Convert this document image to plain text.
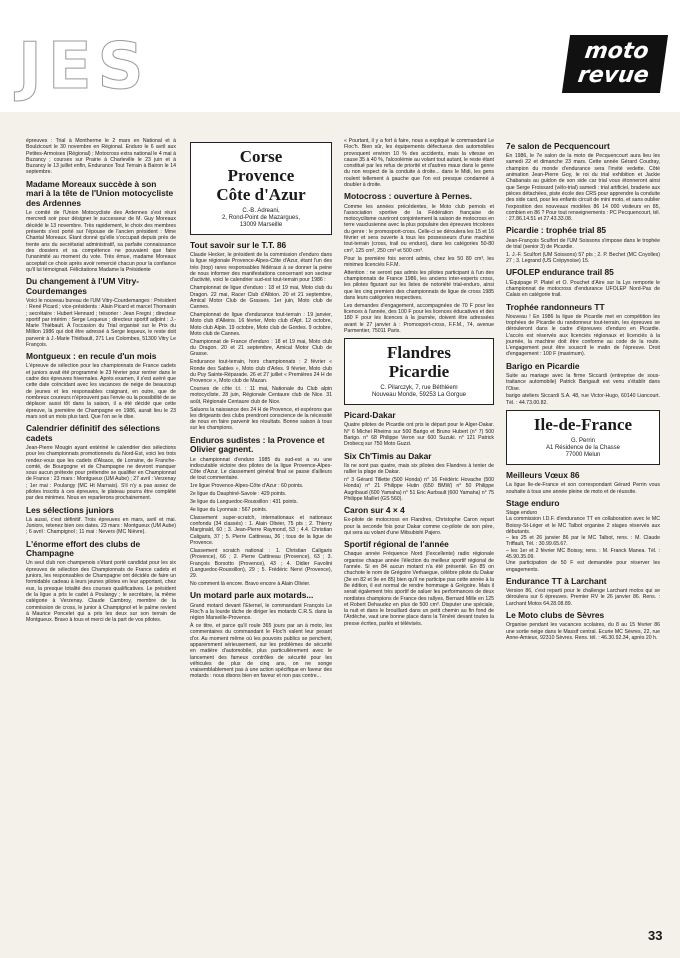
JES	moto
revue

épreuves : Trial à Montherme le 2 mars en National et à Boulzicourt le 30 novembre en Régional. Enduro le 6 avril aux Petites-Armoises (Régional) ; Motocross extra national le 4 mai à Buzancy ; courses sur Prairie à Charleville le 23 juin et à Buzancy le 13 juillet enfin, Endurance Tout Terrain à Bairon le 14 septembre.

Madame Moreaux succède à son mari à la tête de l'Union motocycliste des Ardennes

Le comité de l'Union Motocycliste des Ardennes s'est réuni mercredi soir pour désigner le successeur de M. Guy Moreaux décédé le 13 novembre. Très rapidement, le choix des membres présents s'est porté sur l'épouse de l'ancien président : Mme Chantal Moreaux. Étant donné qu'elle s'occupait depuis près de trente ans du secrétariat administratif, sa parfaite connaissance des dossiers et sa compétence ne pouvaient que faire l'unanimité au moment du vote. Très émue, madame Moreaux acceptait ce choix après avoir remercié chacun pour la confiance qu'il lui témoignait. Félicitations Madame la Présidente

Du changement à l'UM Vitry-Courdemanges

Voici le nouveau bureau de l'UM Vitry-Courdemanges : Président : René Picard ; vice-présidents : Alain Picard et marcel Thomasin ; secrétaire : Hubert Hennard ; trésorier : Jean Fregni ; directeur sportif par intérim : Serge Lequeux ; directeur sportif adjoint : J.-Marie Thiébault. À l'occasion du Trial organisé sur le Prix du Million 1986 qui doit être adressé à Serge lequeux, le reste doit parvenir à J.-Marie Thiébault, 271 Les Colombes, 51300 Vitry Le François.

Montgueux : en recule d'un mois

L'épreuve de sélection pour les championnats de France cadets et juniors avait été programmé le 23 février pour rentrer dans le cadre des épreuves hivernales. Après examen, il s'est avéré que cette date coïncidant avec les vacances de neige de beaucoup de jeunes et les responsables craignant, en outre, que de nombreux coureurs n'éprouvent pas l'envie ou la possibilité de se déplacer aussi tôt dans la saison, il a été décidé que cette épreuve, la première de Champagne en 1986, aurait lieu le 23 mars soit un mois plus tard. Que l'on se le dise.

Calendrier définitif des sélections cadets

Jean-Pierre Mougin ayant entériné le calendrier des sélections pour les championnats promotionnels du Nord-Est, voici les trois rendez-vous que les cadets d'Alsace, de Lorraine, de Franche-comté, de Bourgogne et de Champagne ne devront manquer sous aucun prétexte pour prétendre se qualifier en Championnat de France : 23 mars : Montgueux (UM Aube) ; 27 avril : Verzenay ; 1er mai : Poulangy (MC Ht Marnais). S'il n'y a pas assez de pilotes inscrits à ces épreuves, le plateau pourra être complété par des minimes. Nous en reparlerons prochainement.

Les sélections juniors

Là aussi, c'est définitif. Trois épreuves en mars, avril et mai. Juniors, retenez bien ces dates. 23 mars : Montgueux (UM Aube) ; 6 avril : Champignol ; 11 mai : Nevers (MC Nièvre).

L'énorme effort des clubs de Champagne

Un seul club non champenois s'étant porté candidat pour les six épreuves de sélection des Championnats de France cadets et juniors, les responsables de Champagne ont décidés de faire un formidable cadeau à leurs jeunes pilotes en leur apportant, chez eux, la presque totalité des courses qualificatives. Le président de la ligue a pris le cadet à Poulangy ; le secrétaire, la même catégorie à Verzenay. Claude Cambroy, membre de la commission de cross, le junior à Champignol et le palme revient à Maurice Poncelet qui a pris les deux sur son terrain de Montgueux. Bravo à tous et merci de la part de vos pilotes.

Corse
Provence
Côte d'Azur
C.-B. Adreani,
2, Rond-Point de Mazargues,
13009 Marseille
Tout savoir sur le T.T. 86

Claude Hecker, le président de la commission d'enduro dans la ligue régionale Provence-Alpes-Côte d'Azur, étant l'un des très (trop) rares responsables fédéraux à se donner la peine de nous informer des manifestations concernant son secteur d'activité, voici le calendrier sud-est tout-terrain pour 1986 :

Championnat de ligue d'enduro : 18 et 19 mai, Moto club du Dragon. 22 mai, Racer Club d'Albion. 20 et 21 septembre, Amical Motor Club de Grasses. 1er juin, Moto club de Cannes.

Championnat de ligue d'endurance tout-terrain : 19 janvier, Moto club d'Alleins. 16 février, Moto club d'Apt. 12 octobre, Moto club Alpin. 19 octobre, Moto club de Gordes. 9 octobre, Moto club de Cannes.

Championnat de France d'enduro : 18 et 19 mai, Moto club du Dragon. 20 et 21 septembre, Amical Motor Club de Grasse.

Endurance tout-terrain, hors championnats : 2 février « Ronde des Sables », Moto club d'Arles. 9 février, Moto club du Puy Sainte-Réparade. 26 et 27 juillet « Premières 24 H de Provence », Moto club de Mazan.

Courses de côte t.t. : 11 mai, Nationale du Club alpin motocycliste. 28 juin, Régionale Centaure club de Nice. 31 août, Régionale Centaure club de Nice.

Saluons la naissance des 24 H de Provence, et espérons que les dirigeants des clubs prendront conscience de la nécessité de nous en faire parvenir les résultats. Bonne saison à tous sur les champions.

Enduros sudistes : la Provence et Olivier gagnent.

Le championnat d'enduro 1985 du sud-est a vu une indiscutable victoire des pilotes de la ligue Provence-Alpes-Côte d'Azur. Le classement général final se passe d'ailleurs de tout commentaire.

1re ligue Provence-Alpes-Côte d'Azur : 60 points.

2e ligue du Dauphiné-Savoie : 429 points.

3e ligue du Languedoc-Roussillon : 431 points.

4e ligue du Lyonnais : 567 points.

Classement super-scratch, internationaux et nationaux confondu (34 classés) : 1. Alain Olivier, 75 pts ; 2. Thierry Marginald, 60 ; 3. Jean-Pierre Raymond, 53 ; 4.4. Christian Caligaris, 37 ; 5. Pierre Cattineau, 36 ; tous de la ligue de Provence.

Classement scratch national : 1. Christian Caligaris (Provence), 66 ; 2. Pierre Cattineau (Provence), 63 ; 3. François Borsotto (Provence), 43 ; 4. Didier Favolini (Languedoc-Roussillon), 29 ; 5. Frédéric Nervi (Provence), 29.

No comment là encore. Bravo encore à Alain Olivier.

Un motard parle aux motards...

Grand motard devant l'Eternel, le commandant François Le Floc'h a la lourde tâche de diriger les motards C.R.S. dans la région Marseille-Provence.

À ce titre, et parce qu'il roule 365 jours par an à moto, les commentaires du commandant le Floc'h valent leur pesant d'or. Au moment même où les pouvoirs publics se penchent, apparemment sérieusement, sur les problèmes de sécurité en matière d'automobile, plus particulièrement avec le lancement des fameux contrôles de sécurité pour les véhicules de plus de cinq ans, on ne songe vraisemblablement pas à une action spécifique en faveur des motards : nous disons bien en faveur et non pas contre...

« Pourtant, il y a fort à faire, nous a expliqué le commandant Le Floc'h. Bien sûr, les équipements défectueux des automobiles provoquent environ 10 % des accidents, mais la vitesse en cause 35 à 40 %, l'alcoolémie au volant tout autant, le reste étant constitué par les refus de priorité et d'autres maux dans le genre du non respect de la conduite à droite... dans le Midi, les gens roulent tellement à gauche que l'on est presque condamné à doubler à droite.

Motocross : ouverture à Pernes.

Comme les années précédentes, le Moto club pernois et l'association sportive de la Fédération française de motocycilisme ouvriront conjointement la saison de motocross en terre vauclusienne avec la plus populaire des épreuves tricolores du genre : le promosport-cross. Celle-ci se déroulera les 15 et 16 février et sera ouverte à tous les possesseurs d'une machine tout-terrain (cross, trail ou enduro), dans les catégories 50-80 cm³, 125 cm³, 250 cm³ et 500 cm³.

Pour la première fois seront admis, chez les 50 80 cm³, les minimes licenciés F.F.M.

Attention : ne seront pas admis les pilotes participant à l'un des championnats de France 1986, les anciens inter-experts cross, les pilotes figurant sur les listes de notoriété trial-enduro, ainsi que les cinq premiers des championnats de ligue de cross 1985 dans leurs catégories respectives.

Les demandes d'engagement, accompagnées de 70 F pour les licences à l'année, des 100 F pour les licences éducatives et des 180 F pour les licences à la journée, doivent être adressées avant le 27 janvier à : Promosport-cross, F.F.M., 74, avenue Parmentier, 75011 Paris.

Flandres
Picardie
C. Pilarczyk, 7, rue Béthléem
Nouveau Monde, 59253 La Gorgue
Picard-Dakar

Quatre pilotes de Picardie ont pris le départ pour le Alger-Dakar. N° 6 Michel Rheims sur 500 Barigo et Bruno Hubert (n° 7) 500 Barigo. n° 68 Philippe Veron sur 600 Suzuki. n° 121 Patrick Drobecq sur 750 Moto Guzzi.

Six Ch'Timis au Dakar

Ils ne sont pas quatre, mais six pilotes des Flandres à tenter de rallier la plage de Dakar.

n° 3 Gérard Tillette (500 Honda) n° 16 Frédéric Hovache (500 Honda) n° 21 Philippe Hutin (650 BMW) n° 50 Philippe Augribaud (600 Yamaha) n° 51 Eric Aurbault (600 Yamaha) n° 75 Philippe Maillet (GS 560).

Caron sur 4 × 4

Ex-pilote de motocross en Flandres, Christophe Caron repart pour la seconde fois pour Dakar comme co-pilote de son père, qui sera au volant d'une Mitsubishi Pajero.

Sportif régional de l'année

Chaque année Fréquence Nord (l'excellente) radio régionale organise chaque année l'élection du meilleur sportif régional de l'année. Si en 84 aucun motard n'a été présenté. En 85 on chuchote le nom de Grégoire Verhaegue, célèbre pilote du Dakar (3e en 82 et 9e en 85) bien qu'il ne participe pas cette année à la 8e édition, il est normal de rendre hommage à Grégoire. Mais il serait également très sportif de saluer les performances de deux nordistes champions de France des rallyes, Bernard Mille en 125 et Robert Dehaudez en plus de 500 cm³. Disputer une spéciale, la nuit et dans le brouillard dans un petit chemin au fin fond de l'Ardèche, vaut une bonne place dans la Ténéré devant toutes la presse écrites, parlés et télévisés.

7e salon de Pecquencourt

En 1986, le 7e salon de la moto de Pecquencourt aura lieu les samedi 22 et dimanche 23 mars. Cette année Gérard Coudray, champion du monde d'endurance sera l'invité vedette. Côté animation Jean-Pierre Goy, le roi du trial exhibition et Jackie Chabanais au guidon de son side car trial vous étonneront ainsi que Serge Froissard (vélo-trial) samedi : trial artificiel, braderie aux pièces détachées, piste école des CRS pour apprendre la conduite des side card, pour les enfants circuit de mini moto, et sans oublier l'exposition des nouveaux modèles 86 14 000 visiteurs en 85, combien en 86 ? Pour tout renseignements : PC Pecquencourt, tél. : 27.86.14.51 et 27.43.33.08.

Picardie : trophée trial 85

Jean-François Sculfort de l'UM Soissons s'impose dans le trophée de trial (senior 3) de Picardie.

1. J.-F. Sculfort (UM Soissons) 57 pts ; 2. P. Bechet (MC Coyolles) 27 ; 3. Legrand (US Crépynoise) 15.

UFOLEP endurance trail 85

L'Équipage P. Platel et O. Pouchet d'Aire sur la Lys remporte le championnat de motocross d'endurance UFOLEP Nord-Pas de Calais en catégorie trail.

Trophée randonneurs TT

Nouveau ! En 1986 la ligue de Picardie met en compétition les trophées de Picardie du randonneur tout-terrain, les épreuves se dérouleront dans le cadre d'épreuves d'enduro en Picardie. L'accès est réservés aux licenciés régionaux et licenciés à la journée, la machine doit être conforme au code de la route. L'engagement peut être souscrit le matin de l'épreuve. Droit d'engagement : 100 F (maximum).

Barigo en Picardie

Suite au mariage avec la firme Siccardi (entreprise de sous-traitance automobile) Patrick Barigault est venu s'établir dans l'Oise.

barigo ateliers Siccardi S.A. 48, rue Victor-Hugo, 60140 Liancourt. Tél. : 44.73.00.82.

Ile-de-France
G. Perrin
A1 Résidence de la Chasse
77000 Melun
Meilleurs Vœux 86

La ligue Ile-de-France et son correspondant Gérard Perrin vous souhaite à tous une année pleine de moto et de réussite.

Stage enduro

Stage enduro
La commission I.D.F. d'endurance TT en collaboration avec le MC Boissy-St-Léger et le MC Talbot organise 2 stages réservés aux débutants.
– les 25 et 26 janvier 86 par le MC Talbot, rens. : M. Claude Triffault, Tél. : 30.99.65.67.
– les 1er et 2 février MC Boissy, rens. : M. Franck Manea. Tél. : 45.90.35.09.
Une participation de 50 F est demandée pour réserver les engagements.

Endurance TT à Larchant

Version 86, c'est reparti pour le challenge Larchant motos qui se déroulera sur 6 épreuves. Premier RV le 26 janvier 86. Rens. : Larchant Motos 64.28.08.89.

Le Moto clubs de Sèvres

Organise pendant les vacances scolaires, du 8 au 15 février 86 une sortie neige dans le Massif central. Ecurie MC Sèvres, 22, rue Anne-Amieux, 92310 Sèvres. Rens. tél. : 46.30.92.34, après 20 h.

33
